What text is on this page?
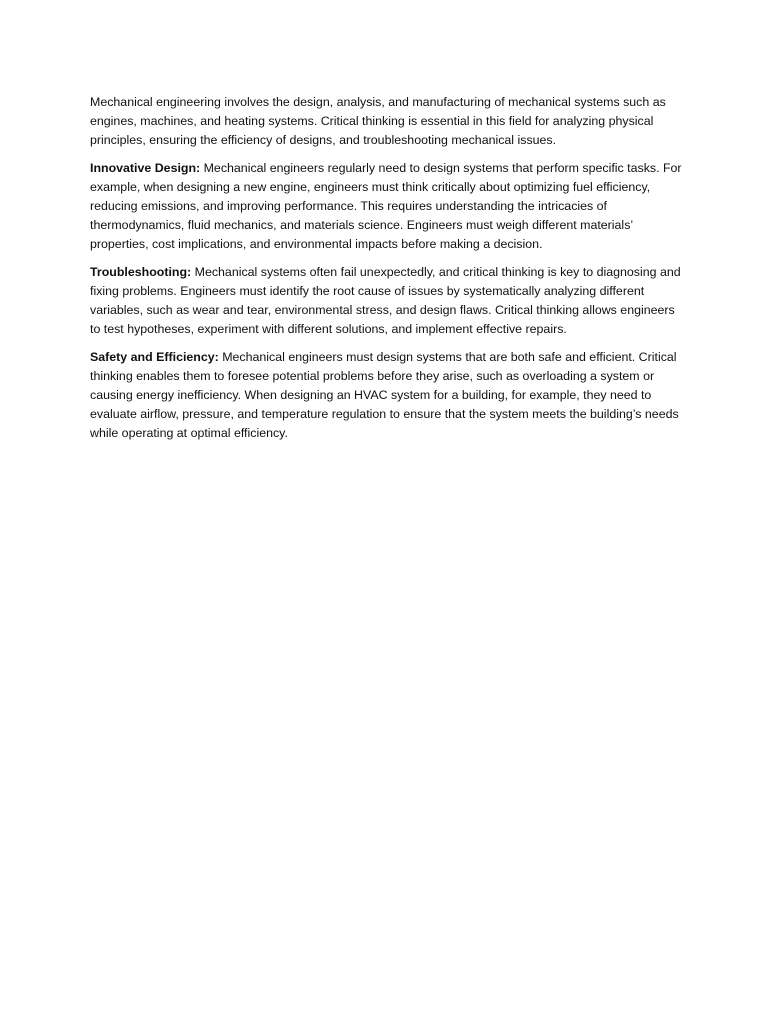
Mechanical engineering involves the design, analysis, and manufacturing of mechanical systems such as engines, machines, and heating systems. Critical thinking is essential in this field for analyzing physical principles, ensuring the efficiency of designs, and troubleshooting mechanical issues.

Innovative Design: Mechanical engineers regularly need to design systems that perform specific tasks. For example, when designing a new engine, engineers must think critically about optimizing fuel efficiency, reducing emissions, and improving performance. This requires understanding the intricacies of thermodynamics, fluid mechanics, and materials science. Engineers must weigh different materials’ properties, cost implications, and environmental impacts before making a decision.

Troubleshooting: Mechanical systems often fail unexpectedly, and critical thinking is key to diagnosing and fixing problems. Engineers must identify the root cause of issues by systematically analyzing different variables, such as wear and tear, environmental stress, and design flaws. Critical thinking allows engineers to test hypotheses, experiment with different solutions, and implement effective repairs.

Safety and Efficiency: Mechanical engineers must design systems that are both safe and efficient. Critical thinking enables them to foresee potential problems before they arise, such as overloading a system or causing energy inefficiency. When designing an HVAC system for a building, for example, they need to evaluate airflow, pressure, and temperature regulation to ensure that the system meets the building’s needs while operating at optimal efficiency.
